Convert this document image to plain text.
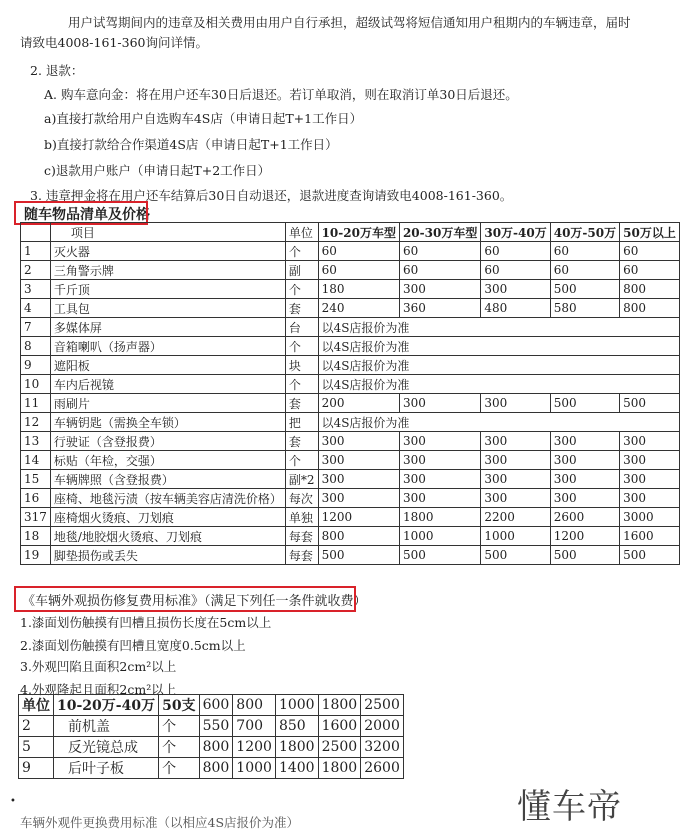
用户试驾期间内的违章及相关费用由用户自行承担，超级试驾将短信通知用户租期内的车辆违章，届时
请致电4008-161-360询问详情。
2. 退款：
A. 购车意向金：将在用户还车30日后退还。若订单取消，则在取消订单30日后退还。
a)直接打款给用户自选购车4S店（申请日起T+1工作日）
b)直接打款给合作渠道4S店（申请日起T+1工作日）
c)退款用户账户（申请日起T+2工作日）
3. 违章押金将在用户还车结算后30日自动退还，退款进度查询请致电4008-161-360。
随车物品清单及价格
	项目	单位	10-20万车型	20-30万车型	30万-40万	40万-50万	50万以上
1	灭火器	个	60	60	60	60	60
2	三角警示牌	副	60	60	60	60	60
3	千斤顶	个	180	300	300	500	800
4	工具包	套	240	360	480	580	800
7	多媒体屏	台	以4S店报价为准				
8	音箱喇叭（扬声器）	个	以4S店报价为准				
9	遮阳板	块	以4S店报价为准				
10	车内后视镜	个	以4S店报价为准				
11	雨刷片	套	200	300	300	500	500
12	车辆钥匙（需换全车锁）	把	以4S店报价为准				
13	行驶证（含登报费）	套	300	300	300	300	300
14	标贴（年检，交强）	个	300	300	300	300	300
15	车辆牌照（含登报费）	副*2	300	300	300	300	300
16	座椅、地毯污渍（按车辆美容店清洗价格）	每次	300	300	300	300	300
317	座椅烟火烫痕、刀划痕	单独	1200	1800	2200	2600	3000
18	地毯/地胶烟火烫痕、刀划痕	每套	800	1000	1000	1200	1600
19	脚垫损伤或丢失	每套	500	500	500	500	500
《车辆外观损伤修复费用标准》（满足下列任一条件就收费）
1.漆面划伤触摸有凹槽且损伤长度在5cm以上
2.漆面划伤触摸有凹槽且宽度0.5cm以上
3.外观凹陷且面积2cm²以上
4.外观隆起且面积2cm²以上
单位	10-20万-40万	50支	600	800	1000	1800	2500
2	前机盖	个	550	700	850	1600	2000
5	反光镜总成	个	800	1200	1800	2500	3200
9	后叶子板	个	800	1000	1400	1800	2600
•
车辆外观件更换费用标准（以相应4S店报价为准）	懂车帝
